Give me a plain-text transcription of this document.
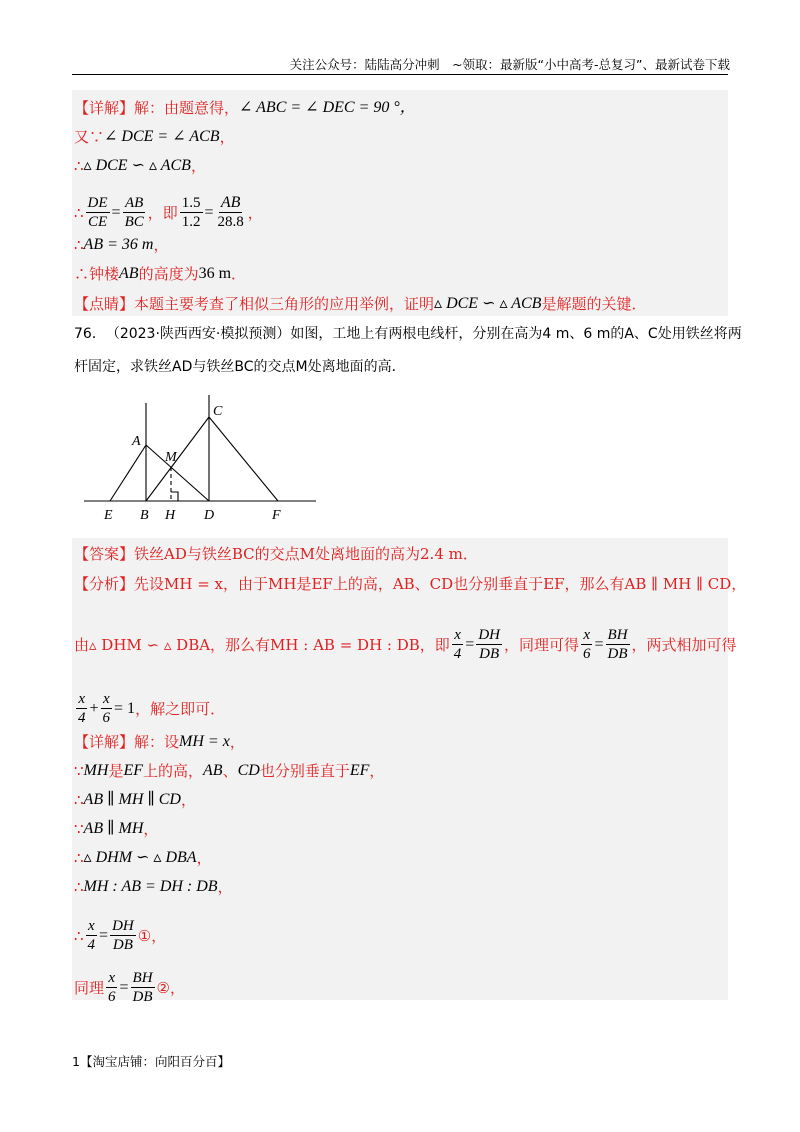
关注公众号：陆陆高分冲刺　~领取：最新版“小中高考-总复习”、最新试卷下载
【详解】 解：由题意得， ∠ ABC = ∠ DEC = 90 °，
又∵ ∠ DCE = ∠ ACB ，
∴ ▵ DCE ∽ ▵ ACB ，
∴ $\frac{DE}{CE} = \frac{AB}{BC}$ ，即 $\frac{1.5}{1.2} = \frac{AB}{28.8}$ ，
∴ AB = 36 m ，
∴钟楼 AB 的高度为 36 m ．
【点睛】 本题主要考查了相似三角形的应用举例，证明 ▵ DCE ∽ ▵ ACB 是解题的关键．
76． （2023·陕西西安·模拟预测） 如图，工地上有两根电线杆，分别在高为4 m、6 m的A、C处用铁丝将两
杆固定，求铁丝AD与铁丝BC的交点M处离地面的高．
C
A
M
E B H D	F
【答案】 铁丝AD与铁丝BC的交点M处离地面的高为2.4 m．
【分析】 先设MH = x，由于MH是EF上的高，AB、CD也分别垂直于EF，那么有AB ∥ MH ∥ CD，
由▵ DHM ∽ ▵ DBA，那么有MH : AB = DH : DB，即 $\frac{x}{4} = \frac{DH}{DB}$ ，同理可得 $\frac{x}{6} = \frac{BH}{DB}$ ，两式相加可得
$\frac{x}{4} + \frac{x}{6} = 1$ ，解之即可．
【详解】 解：设 MH = x ，
∵ MH 是 EF 上的高， AB 、 CD 也分别垂直于 EF ，
∴ AB ∥ MH ∥ CD ，
∵ AB ∥ MH ，
∴ ▵ DHM ∽ ▵ DBA ，
∴ MH : AB = DH : DB ，
∴ $\frac{x}{4} = \frac{DH}{DB}$ ①，
同理 $\frac{x}{6} = \frac{BH}{DB}$ ②，
1【淘宝店铺：向阳百分百】
